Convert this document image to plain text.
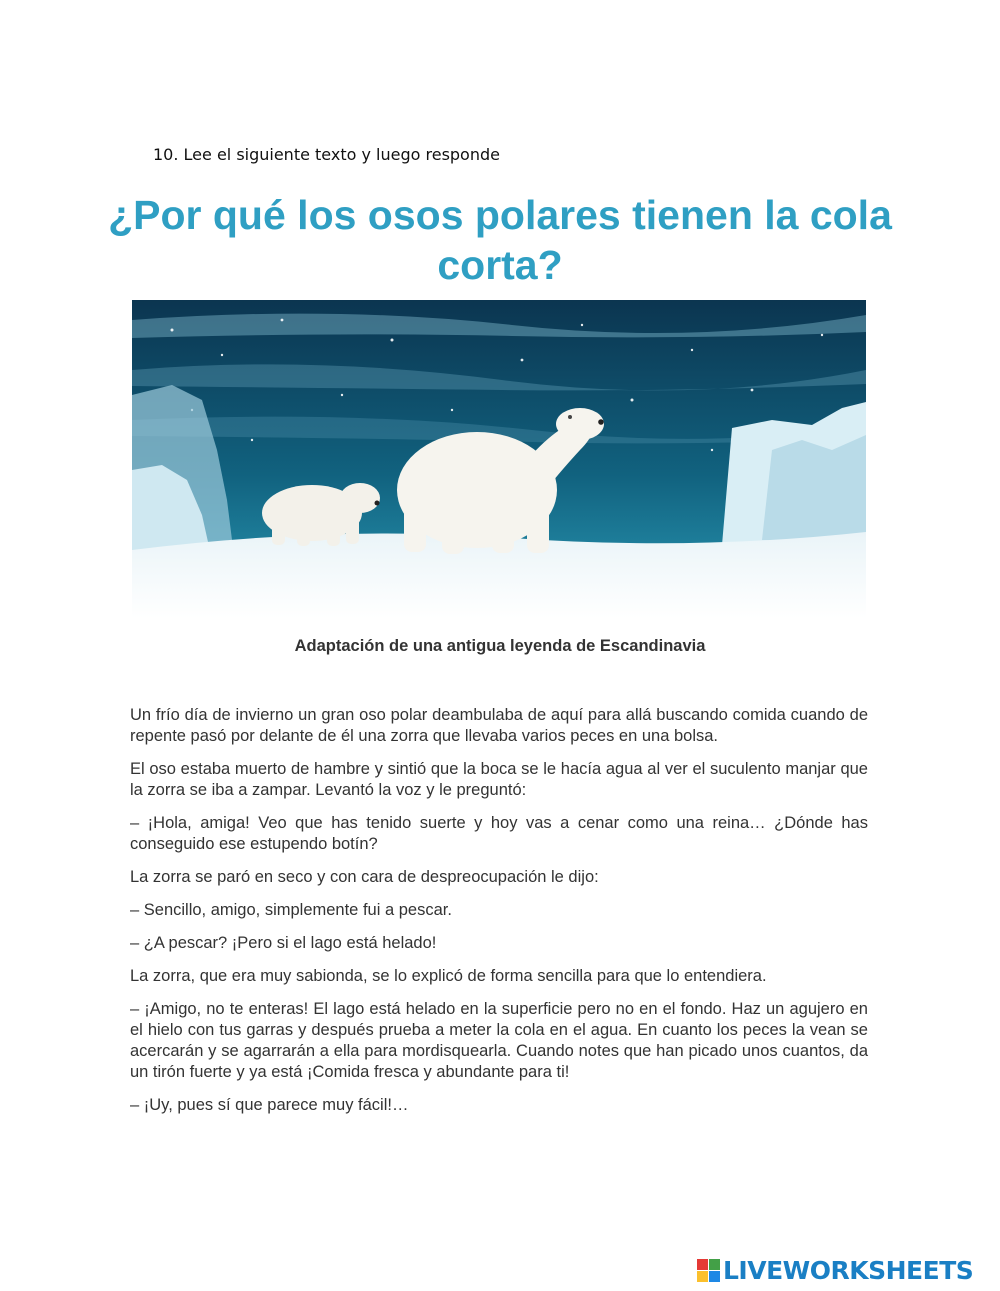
10. Lee el siguiente texto y luego responde
¿Por qué los osos polares tienen la cola corta?
Adaptación de una antigua leyenda de Escandinavia

Un frío día de invierno un gran oso polar deambulaba de aquí para allá buscando comida cuando de repente pasó por delante de él una zorra que llevaba varios peces en una bolsa.

El oso estaba muerto de hambre y sintió que la boca se le hacía agua al ver el suculento manjar que la zorra se iba a zampar. Levantó la voz y le preguntó:

– ¡Hola, amiga! Veo que has tenido suerte y hoy vas a cenar como una reina… ¿Dónde has conseguido ese estupendo botín?

La zorra se paró en seco y con cara de despreocupación le dijo:

– Sencillo, amigo, simplemente fui a pescar.

– ¿A pescar? ¡Pero si el lago está helado!

La zorra, que era muy sabionda, se lo explicó de forma sencilla para que lo entendiera.

– ¡Amigo, no te enteras! El lago está helado en la superficie pero no en el fondo. Haz un agujero en el hielo con tus garras y después prueba a meter la cola en el agua. En cuanto los peces la vean se acercarán y se agarrarán a ella para mordisquearla. Cuando notes que han picado unos cuantos, da un tirón fuerte y ya está ¡Comida fresca y abundante para ti!

– ¡Uy, pues sí que parece muy fácil!…

LIVEWORKSHEETS
